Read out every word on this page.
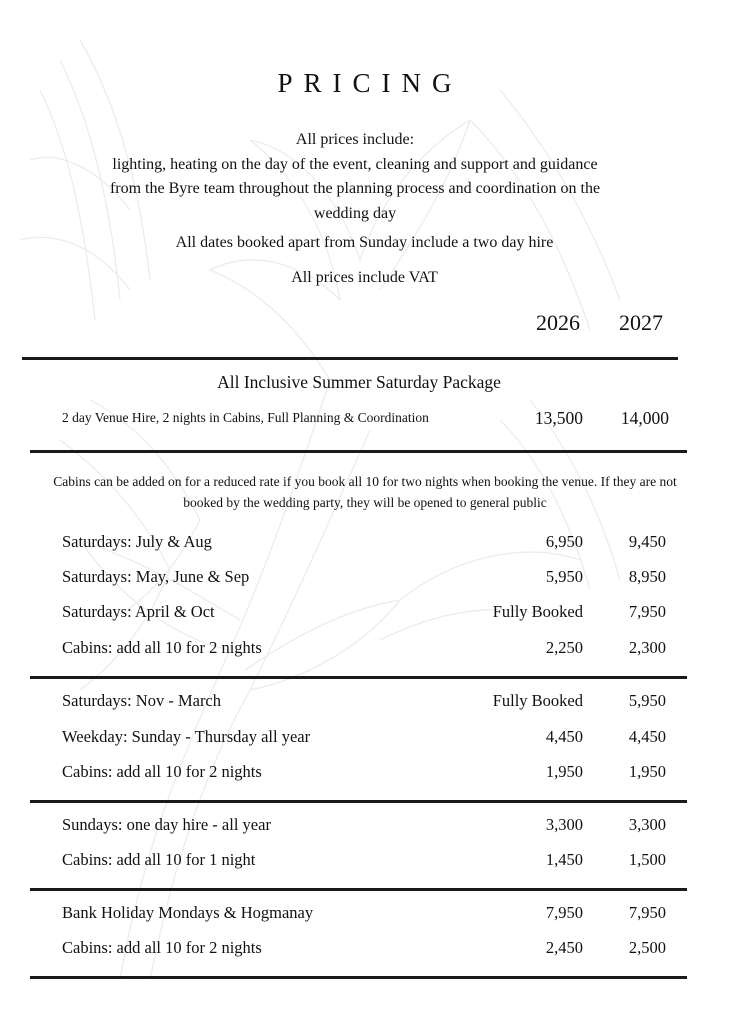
PRICING
All prices include:
lighting, heating on the day of the event, cleaning and support and guidance from the Byre team throughout the planning process and coordination on the wedding day
All dates booked apart from Sunday include a two day hire
All prices include VAT
2026 2027
All Inclusive Summer Saturday Package
2 day Venue Hire, 2 nights in Cabins, Full Planning & Coordination	13,500 14,000
Cabins can be added on for a reduced rate if you book all 10 for two nights when booking the venue. If they are not booked by the wedding party, they will be opened to general public
Saturdays: July & Aug	6,950	9,450
Saturdays: May, June & Sep	5,950	8,950
Saturdays: April & Oct	Fully Booked	7,950
Cabins: add all 10 for 2 nights	2,250	2,300
Saturdays: Nov - March	Fully Booked	5,950
Weekday: Sunday - Thursday all year	4,450	4,450
Cabins: add all 10 for 2 nights	1,950	1,950
Sundays: one day hire - all year	3,300	3,300
Cabins: add all 10 for 1 night	1,450	1,500
Bank Holiday Mondays & Hogmanay	7,950	7,950
Cabins: add all 10 for 2 nights	2,450	2,500
